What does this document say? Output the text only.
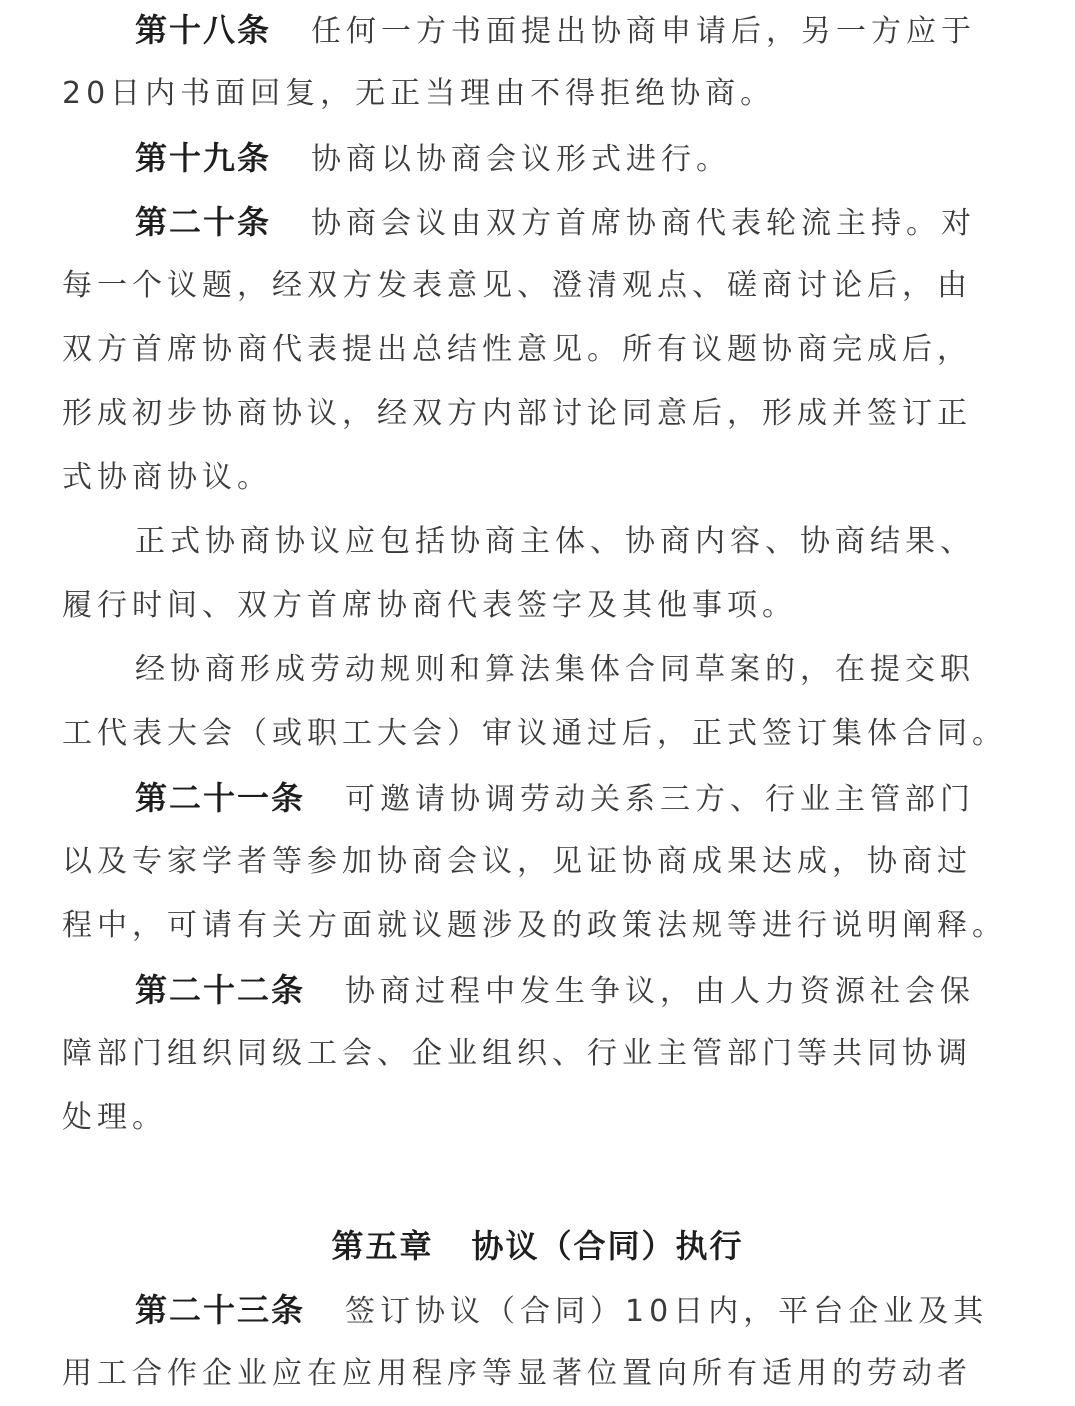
第十八条 任何一方书面提出协商申请后，另一方应于
20日内书面回复，无正当理由不得拒绝协商。
第十九条 协商以协商会议形式进行。
第二十条 协商会议由双方首席协商代表轮流主持。对
每一个议题，经双方发表意见、澄清观点、磋商讨论后，由
双方首席协商代表提出总结性意见。所有议题协商完成后，
形成初步协商协议，经双方内部讨论同意后，形成并签订正
式协商协议。
正式协商协议应包括协商主体、协商内容、协商结果、
履行时间、双方首席协商代表签字及其他事项。
经协商形成劳动规则和算法集体合同草案的，在提交职
工代表大会（或职工大会）审议通过后，正式签订集体合同。
第二十一条 可邀请协调劳动关系三方、行业主管部门
以及专家学者等参加协商会议，见证协商成果达成，协商过
程中，可请有关方面就议题涉及的政策法规等进行说明阐释。
第二十二条 协商过程中发生争议，由人力资源社会保
障部门组织同级工会、企业组织、行业主管部门等共同协调
处理。
第五章 协议（合同）执行
第二十三条 签订协议（合同）10日内，平台企业及其
用工合作企业应在应用程序等显著位置向所有适用的劳动者
